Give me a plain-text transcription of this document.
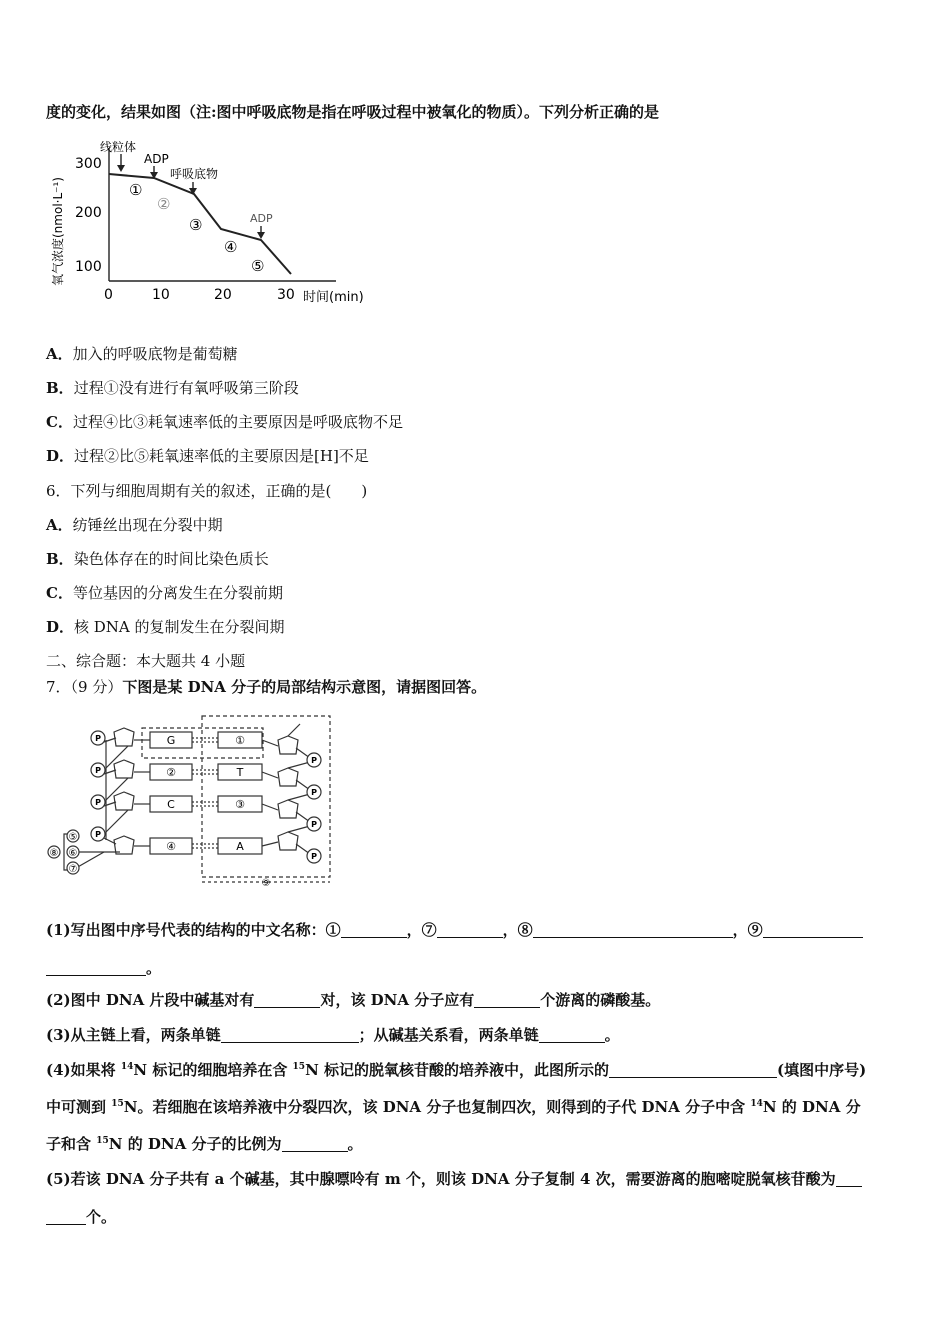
度的变化，结果如图（注:图中呼吸底物是指在呼吸过程中被氧化的物质）。下列分析正确的是
氧气浓度(nmol·L⁻¹)
300
200
100
0	10	20	30 时间(min)
线粒体
ADP
呼吸底物
ADP
①
②
③
④
⑤
A．加入的呼吸底物是葡萄糖
B．过程①没有进行有氧呼吸第三阶段
C．过程④比③耗氧速率低的主要原因是呼吸底物不足
D．过程②比⑤耗氧速率低的主要原因是[H]不足
6．下列与细胞周期有关的叙述，正确的是(　　)
A．纺锤丝出现在分裂中期
B．染色体存在的时间比染色质长
C．等位基因的分离发生在分裂前期
D．核 DNA 的复制发生在分裂间期
二、综合题：本大题共 4 小题
7．（9 分）下图是某 DNA 分子的局部结构示意图，请据图回答。
G
②
C
④
①
T
③
A
P
P
P
P
P
P
P
P
⑤
⑥
⑦
⑧
⑨
(1)写出图中序号代表的结构的中文名称：①	，⑦	，⑧	，⑨
。
(2)图中 DNA 片段中碱基对有	对，该 DNA 分子应有	个游离的磷酸基。
(3)从主链上看，两条单链	；从碱基关系看，两条单链	。
(4)如果将 $^{14}$N 标记的细胞培养在含 $^{15}$N 标记的脱氧核苷酸的培养液中，此图所示的	(填图中序号)
中可测到 $^{15}$N。若细胞在该培养液中分裂四次，该 DNA 分子也复制四次，则得到的子代 DNA 分子中含 $^{14}$N 的 DNA 分
子和含 $^{15}$N 的 DNA 分子的比例为	。
(5)若该 DNA 分子共有 a 个碱基，其中腺嘌呤有 m 个，则该 DNA 分子复制 4 次，需要游离的胞嘧啶脱氧核苷酸为
个。
